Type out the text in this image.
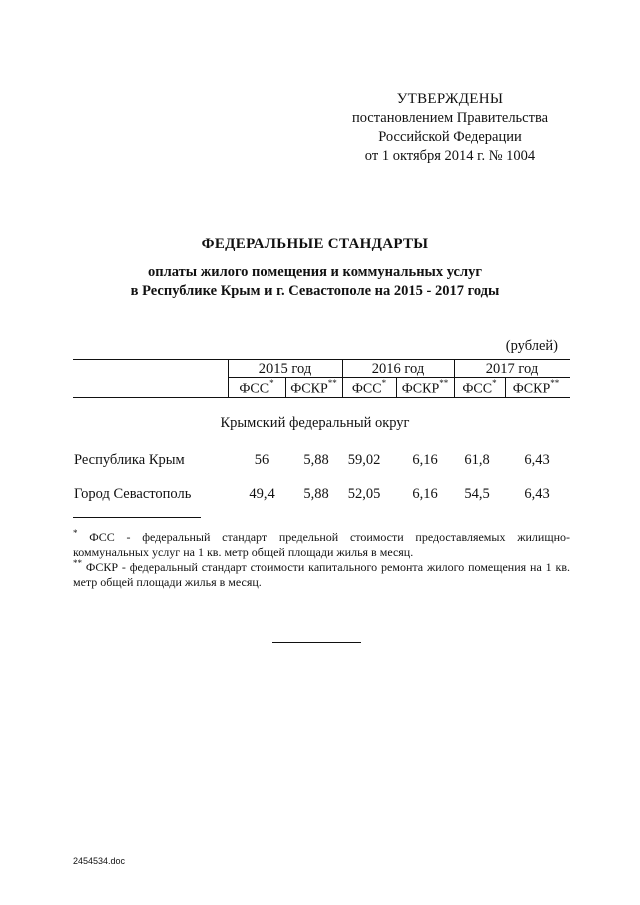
УТВЕРЖДЕНЫ
постановлением Правительства
Российской Федерации
от 1 октября 2014 г. № 1004
ФЕДЕРАЛЬНЫЕ СТАНДАРТЫ
оплаты жилого помещения и коммунальных услуг
в Республике Крым и г. Севастополе на 2015 - 2017 годы
(рублей)
2015 год	2016 год	2017 год
ФСС*	ФСКР**	ФСС*	ФСКР**	ФСС*	ФСКР**
Крымский федеральный округ
Республика Крым	56	5,88	59,02	6,16	61,8	6,43
Город Севастополь	49,4	5,88	52,05	6,16	54,5	6,43
* ФСС - федеральный стандарт предельной стоимости предоставляемых жилищно-коммунальных услуг на 1 кв. метр общей площади жилья в месяц.
** ФСКР - федеральный стандарт стоимости капитального ремонта жилого помещения на 1 кв. метр общей площади жилья в месяц.
2454534.doc
